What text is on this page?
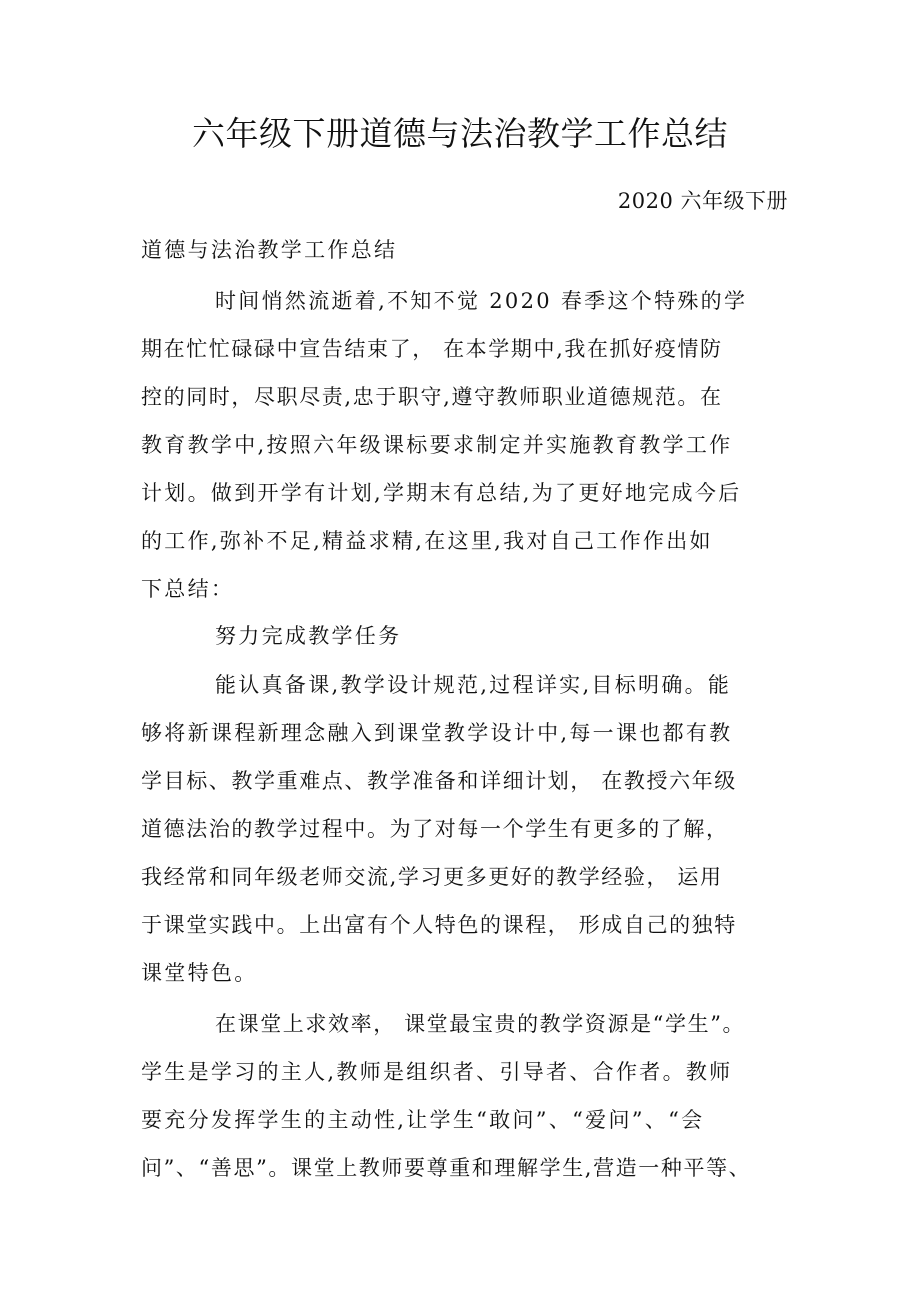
六年级下册道德与法治教学工作总结
2020 六年级下册
道德与法治教学工作总结
时间悄然流逝着,不知不觉 2020 春季这个特殊的学
期在忙忙碌碌中宣告结束了， 在本学期中,我在抓好疫情防
控的同时，尽职尽责,忠于职守,遵守教师职业道德规范。在
教育教学中,按照六年级课标要求制定并实施教育教学工作
计划。做到开学有计划,学期末有总结,为了更好地完成今后
的工作,弥补不足,精益求精,在这里,我对自己工作作出如
下总结：
努力完成教学任务
能认真备课,教学设计规范,过程详实,目标明确。能
够将新课程新理念融入到课堂教学设计中,每一课也都有教
学目标、教学重难点、教学准备和详细计划， 在教授六年级
道德法治的教学过程中。为了对每一个学生有更多的了解，
我经常和同年级老师交流,学习更多更好的教学经验， 运用
于课堂实践中。上出富有个人特色的课程， 形成自己的独特
课堂特色。
在课堂上求效率， 课堂最宝贵的教学资源是“学生”。
学生是学习的主人,教师是组织者、引导者、合作者。教师
要充分发挥学生的主动性,让学生“敢问”、“爱问”、“会
问”、“善思”。课堂上教师要尊重和理解学生,营造一种平等、
